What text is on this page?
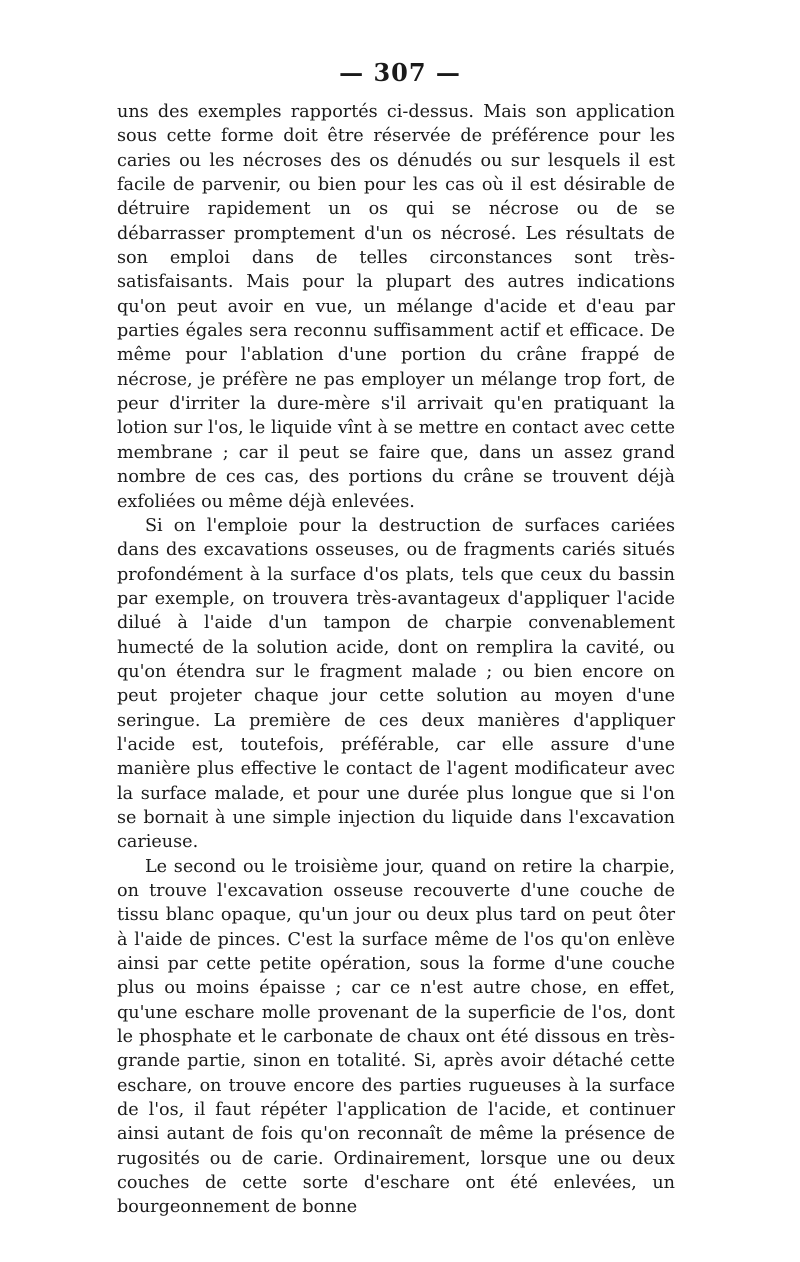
— 307 —

uns des exemples rapportés ci-dessus. Mais son application sous cette forme doit être réservée de préférence pour les caries ou les nécroses des os dénudés ou sur lesquels il est facile de parvenir, ou bien pour les cas où il est désirable de détruire rapidement un os qui se nécrose ou de se débarrasser promptement d'un os nécrosé. Les résultats de son emploi dans de telles circonstances sont très-satisfaisants. Mais pour la plupart des autres indications qu'on peut avoir en vue, un mélange d'acide et d'eau par parties égales sera reconnu suffisamment actif et efficace. De même pour l'ablation d'une portion du crâne frappé de nécrose, je préfère ne pas employer un mélange trop fort, de peur d'irriter la dure-mère s'il arrivait qu'en pratiquant la lotion sur l'os, le liquide vînt à se mettre en contact avec cette membrane ; car il peut se faire que, dans un assez grand nombre de ces cas, des portions du crâne se trouvent déjà exfoliées ou même déjà enlevées.

Si on l'emploie pour la destruction de surfaces cariées dans des excavations osseuses, ou de fragments cariés situés profondément à la surface d'os plats, tels que ceux du bassin par exemple, on trouvera très-avantageux d'appliquer l'acide dilué à l'aide d'un tampon de charpie convenablement humecté de la solution acide, dont on remplira la cavité, ou qu'on étendra sur le fragment malade ; ou bien encore on peut projeter chaque jour cette solution au moyen d'une seringue. La première de ces deux manières d'appliquer l'acide est, toutefois, préférable, car elle assure d'une manière plus effective le contact de l'agent modificateur avec la surface malade, et pour une durée plus longue que si l'on se bornait à une simple injection du liquide dans l'excavation carieuse.

Le second ou le troisième jour, quand on retire la charpie, on trouve l'excavation osseuse recouverte d'une couche de tissu blanc opaque, qu'un jour ou deux plus tard on peut ôter à l'aide de pinces. C'est la surface même de l'os qu'on enlève ainsi par cette petite opération, sous la forme d'une couche plus ou moins épaisse ; car ce n'est autre chose, en effet, qu'une eschare molle provenant de la superficie de l'os, dont le phosphate et le carbonate de chaux ont été dissous en très-grande partie, sinon en totalité. Si, après avoir détaché cette eschare, on trouve encore des parties rugueuses à la surface de l'os, il faut répéter l'application de l'acide, et continuer ainsi autant de fois qu'on reconnaît de même la présence de rugosités ou de carie. Ordinairement, lorsque une ou deux couches de cette sorte d'eschare ont été enlevées, un bourgeonnement de bonne
